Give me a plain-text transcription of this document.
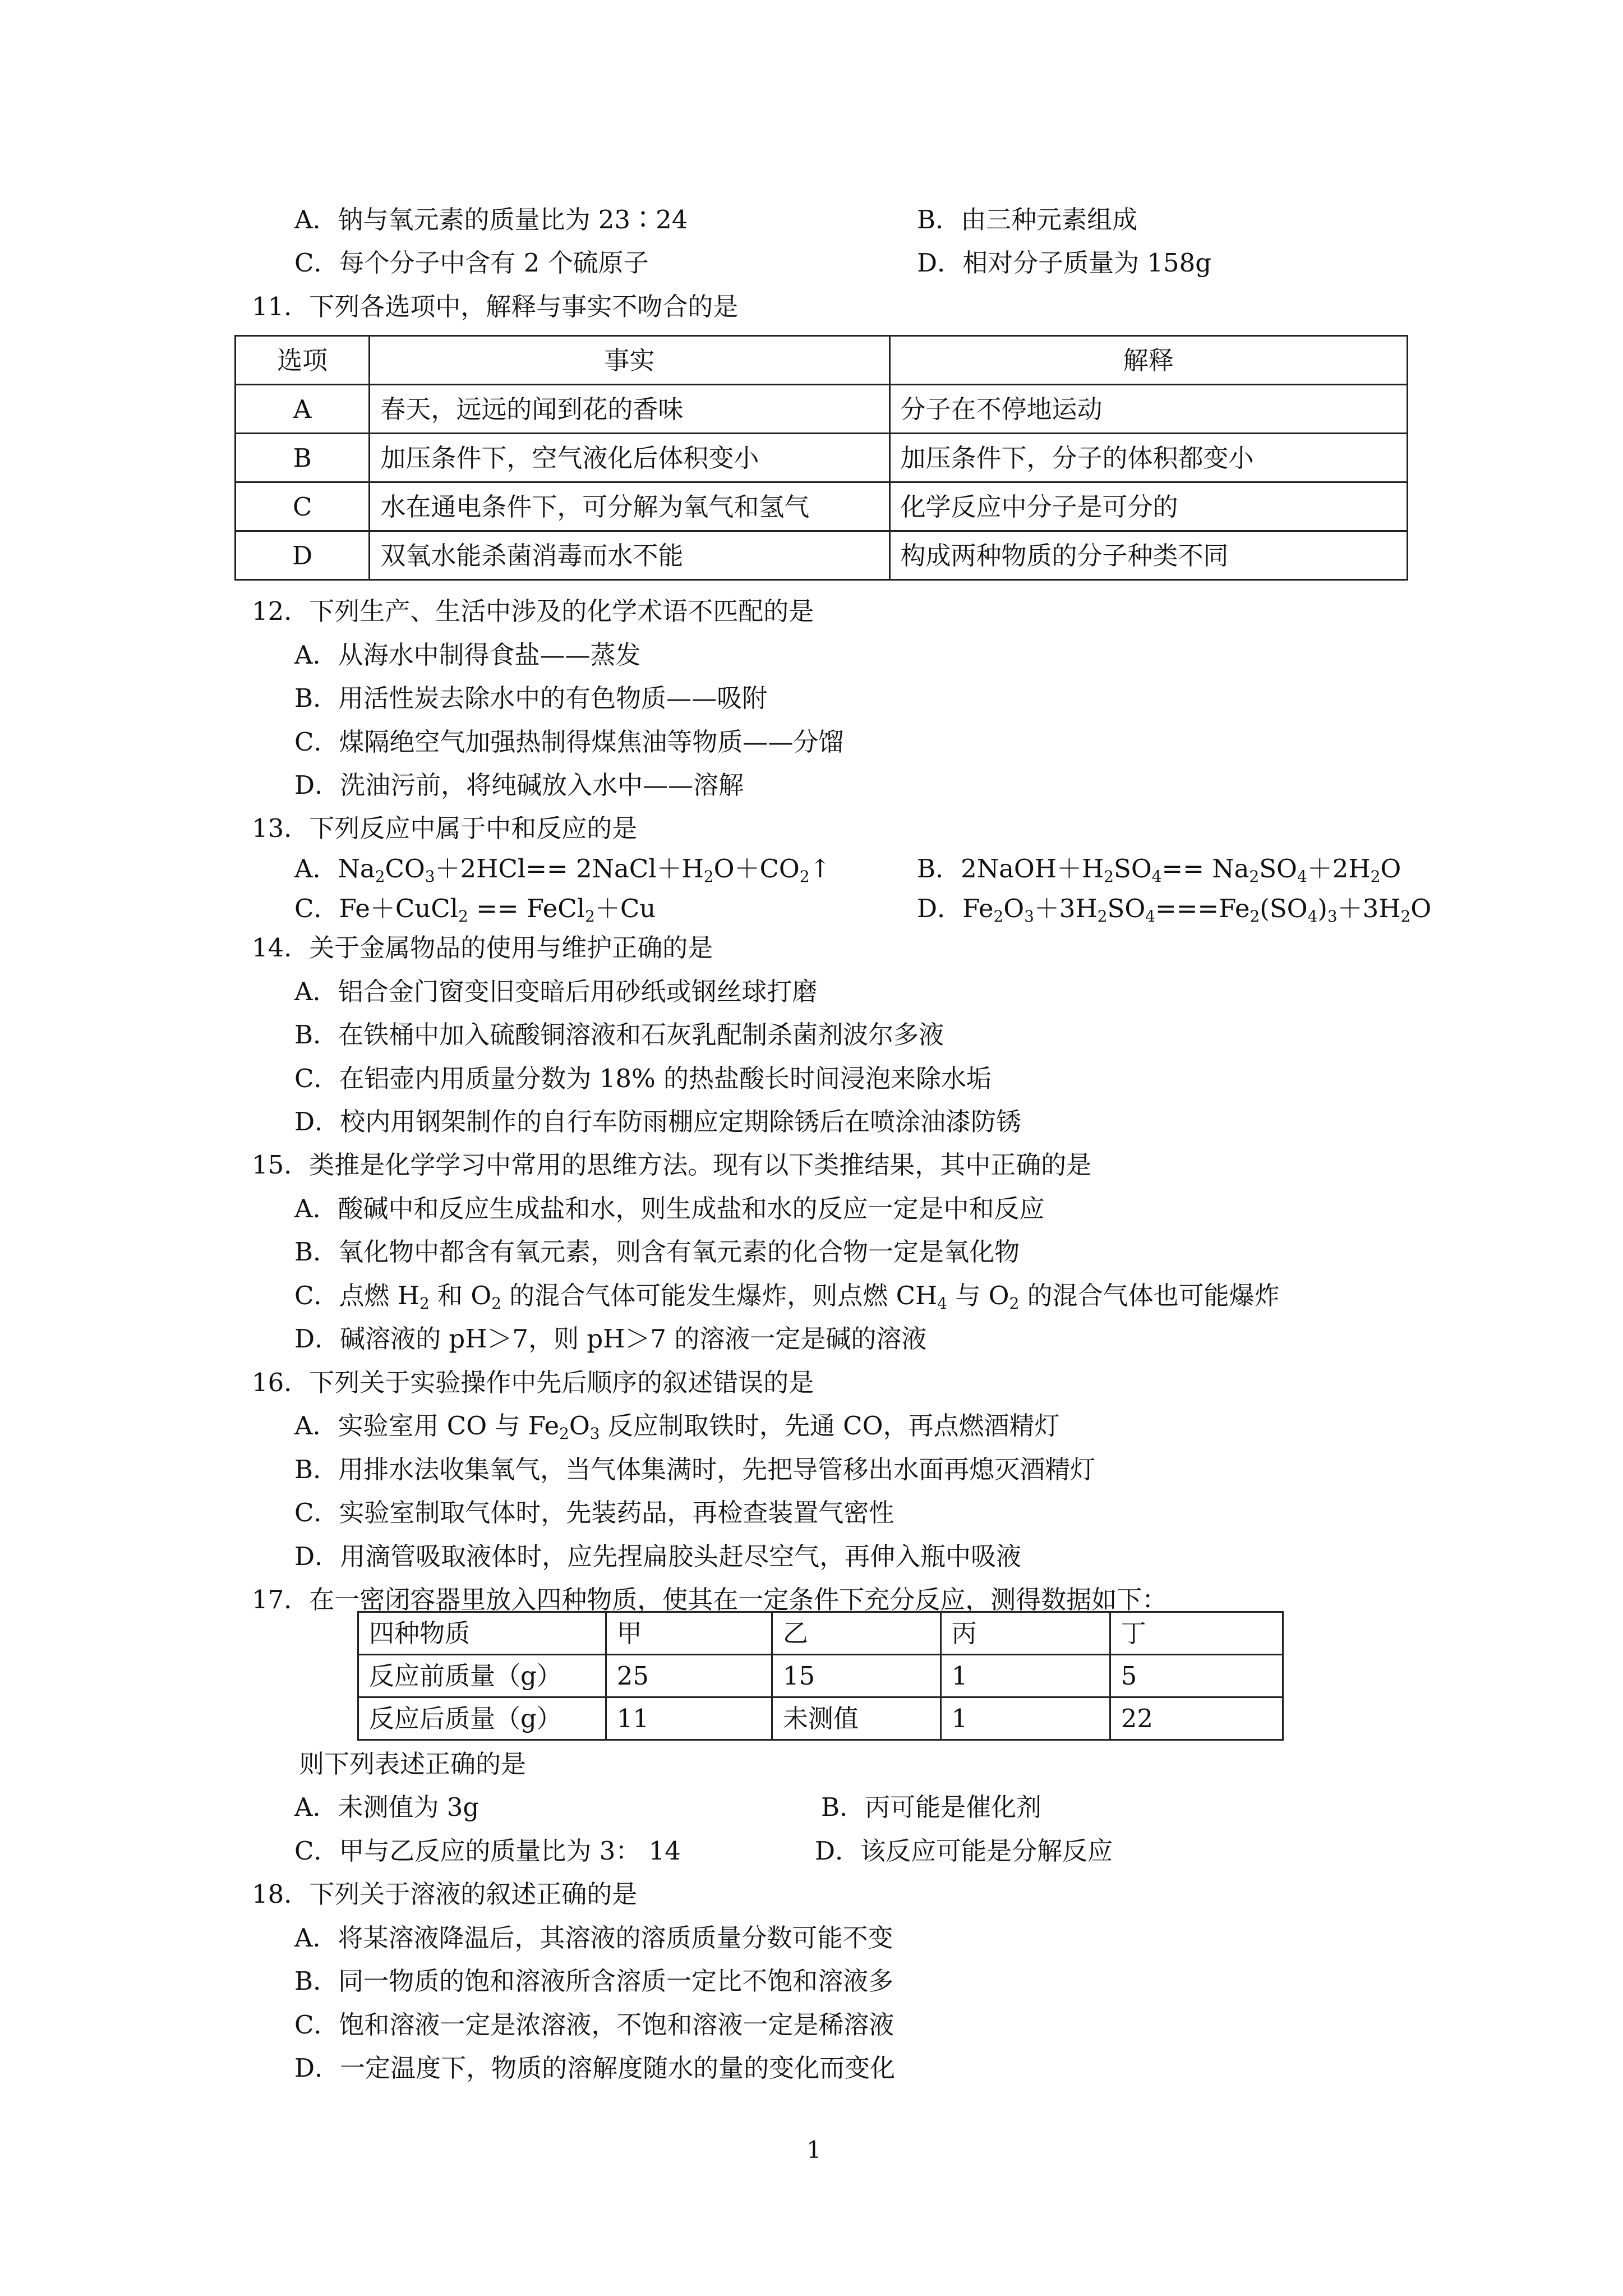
A．钠与氧元素的质量比为 23∶24	B．由三种元素组成
C．每个分子中含有 2 个硫原子	D．相对分子质量为 158g
11．下列各选项中，解释与事实不吻合的是
选项	事实	解释
A	春天，远远的闻到花的香味	分子在不停地运动
B	加压条件下，空气液化后体积变小	加压条件下，分子的体积都变小
C	水在通电条件下，可分解为氧气和氢气	化学反应中分子是可分的
D	双氧水能杀菌消毒而水不能	构成两种物质的分子种类不同
12．下列生产、生活中涉及的化学术语不匹配的是
A．从海水中制得食盐——蒸发
B．用活性炭去除水中的有色物质——吸附
C．煤隔绝空气加强热制得煤焦油等物质——分馏
D．洗油污前，将纯碱放入水中——溶解
13．下列反应中属于中和反应的是
A．$Na_2CO_3+2HCl==$ $2NaCl+H_2O+CO_2↑$	B．$2NaOH+H_2SO_4== Na_2SO_4+2H_2O$
C．Fe＋CuCl$_2$ == FeCl$_2$＋Cu	D．$Fe_2O_3+3H_2SO_4===Fe_2(SO_4)_3+3H_2O$
14．关于金属物品的使用与维护正确的是
A．铝合金门窗变旧变暗后用砂纸或钢丝球打磨
B．在铁桶中加入硫酸铜溶液和石灰乳配制杀菌剂波尔多液
C．在铝壶内用质量分数为 18% 的热盐酸长时间浸泡来除水垢
D．校内用钢架制作的自行车防雨棚应定期除锈后在喷涂油漆防锈
15．类推是化学学习中常用的思维方法。现有以下类推结果，其中正确的是
A．酸碱中和反应生成盐和水，则生成盐和水的反应一定是中和反应
B．氧化物中都含有氧元素，则含有氧元素的化合物一定是氧化物
C．点燃 $H_2$ 和 $O_2$ 的混合气体可能发生爆炸，则点燃 $CH_4$ 与 $O_2$ 的混合气体也可能爆炸
D．碱溶液的 pH＞7，则 pH＞7 的溶液一定是碱的溶液
16．下列关于实验操作中先后顺序的叙述错误的是
A．实验室用 CO 与 $Fe_2O_3$ 反应制取铁时，先通 CO，再点燃酒精灯
B．用排水法收集氧气，当气体集满时，先把导管移出水面再熄灭酒精灯
C．实验室制取气体时，先装药品，再检查装置气密性
D．用滴管吸取液体时，应先捏扁胶头赶尽空气，再伸入瓶中吸液
17．在一密闭容器里放入四种物质，使其在一定条件下充分反应，测得数据如下：
四种物质	甲	乙	丙	丁
反应前质量（g）	25	15	1	5
反应后质量（g）	11	未测值	1	22
则下列表述正确的是
A．未测值为 3g	B．丙可能是催化剂
C．甲与乙反应的质量比为 3： 14	D．该反应可能是分解反应
18．下列关于溶液的叙述正确的是
A．将某溶液降温后，其溶液的溶质质量分数可能不变
B．同一物质的饱和溶液所含溶质一定比不饱和溶液多
C．饱和溶液一定是浓溶液，不饱和溶液一定是稀溶液
D．一定温度下，物质的溶解度随水的量的变化而变化
1
